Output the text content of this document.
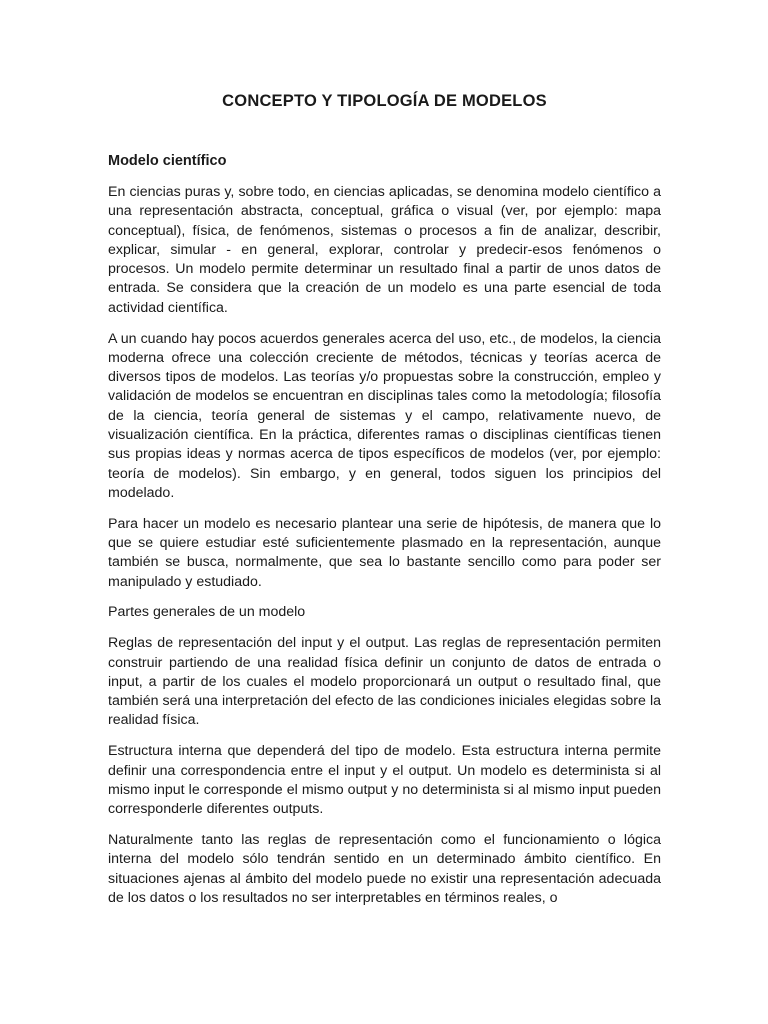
CONCEPTO Y TIPOLOGÍA DE MODELOS
Modelo científico

En ciencias puras y, sobre todo, en ciencias aplicadas, se denomina modelo científico a una representación abstracta, conceptual, gráfica o visual (ver, por ejemplo: mapa conceptual), física, de fenómenos, sistemas o procesos a fin de analizar, describir, explicar, simular - en general, explorar, controlar y predecir-esos fenómenos o procesos. Un modelo permite determinar un resultado final a partir de unos datos de entrada. Se considera que la creación de un modelo es una parte esencial de toda actividad científica.

A un cuando hay pocos acuerdos generales acerca del uso, etc., de modelos, la ciencia moderna ofrece una colección creciente de métodos, técnicas y teorías acerca de diversos tipos de modelos. Las teorías y/o propuestas sobre la construcción, empleo y validación de modelos se encuentran en disciplinas tales como la metodología; filosofía de la ciencia, teoría general de sistemas y el campo, relativamente nuevo, de visualización científica. En la práctica, diferentes ramas o disciplinas científicas tienen sus propias ideas y normas acerca de tipos específicos de modelos (ver, por ejemplo: teoría de modelos). Sin embargo, y en general, todos siguen los principios del modelado.

Para hacer un modelo es necesario plantear una serie de hipótesis, de manera que lo que se quiere estudiar esté suficientemente plasmado en la representación, aunque también se busca, normalmente, que sea lo bastante sencillo como para poder ser manipulado y estudiado.

Partes generales de un modelo

Reglas de representación del input y el output. Las reglas de representación permiten construir partiendo de una realidad física definir un conjunto de datos de entrada o input, a partir de los cuales el modelo proporcionará un output o resultado final, que también será una interpretación del efecto de las condiciones iniciales elegidas sobre la realidad física.

Estructura interna que dependerá del tipo de modelo. Esta estructura interna permite definir una correspondencia entre el input y el output. Un modelo es determinista si al mismo input le corresponde el mismo output y no determinista si al mismo input pueden corresponderle diferentes outputs.

Naturalmente tanto las reglas de representación como el funcionamiento o lógica interna del modelo sólo tendrán sentido en un determinado ámbito científico. En situaciones ajenas al ámbito del modelo puede no existir una representación adecuada de los datos o los resultados no ser interpretables en términos reales, o
